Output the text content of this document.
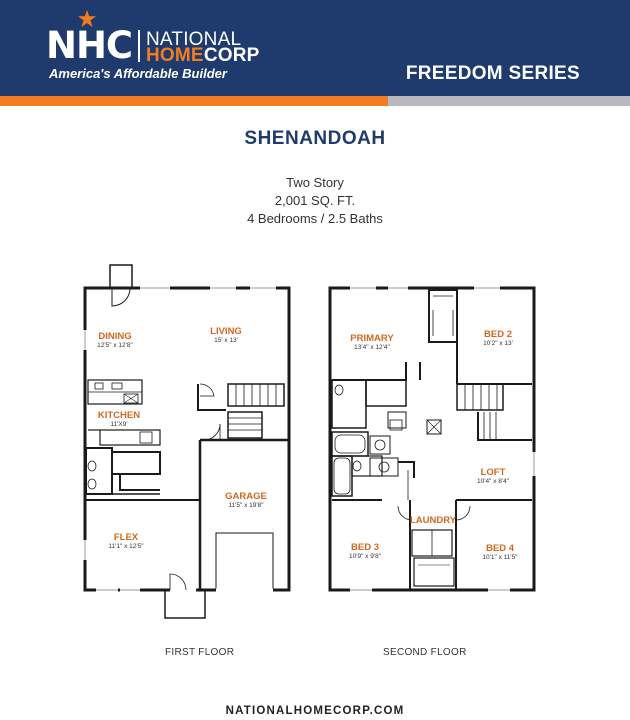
NHC NATIONAL
HOMECORP
America's Affordable Builder	FREEDOM SERIES
SHENANDOAH
Two Story
2,001 SQ. FT.
4 Bedrooms / 2.5 Baths
DINING
12'5" x 12'8"
LIVING
15' x 13'
KITCHEN
11'X9'
GARAGE
11'5" x 19'8"
FLEX
11'1" x 12'5"
PRIMARY
13'4" x 12'4"
BED 2
10'2" x 13'
LOFT
10'4" x 8'4"
LAUNDRY
BED 3
10'9" x 9'8"
BED 4
10'1" x 11'5"
FIRST FLOOR	SECOND FLOOR
NATIONALHOMECORP.COM
